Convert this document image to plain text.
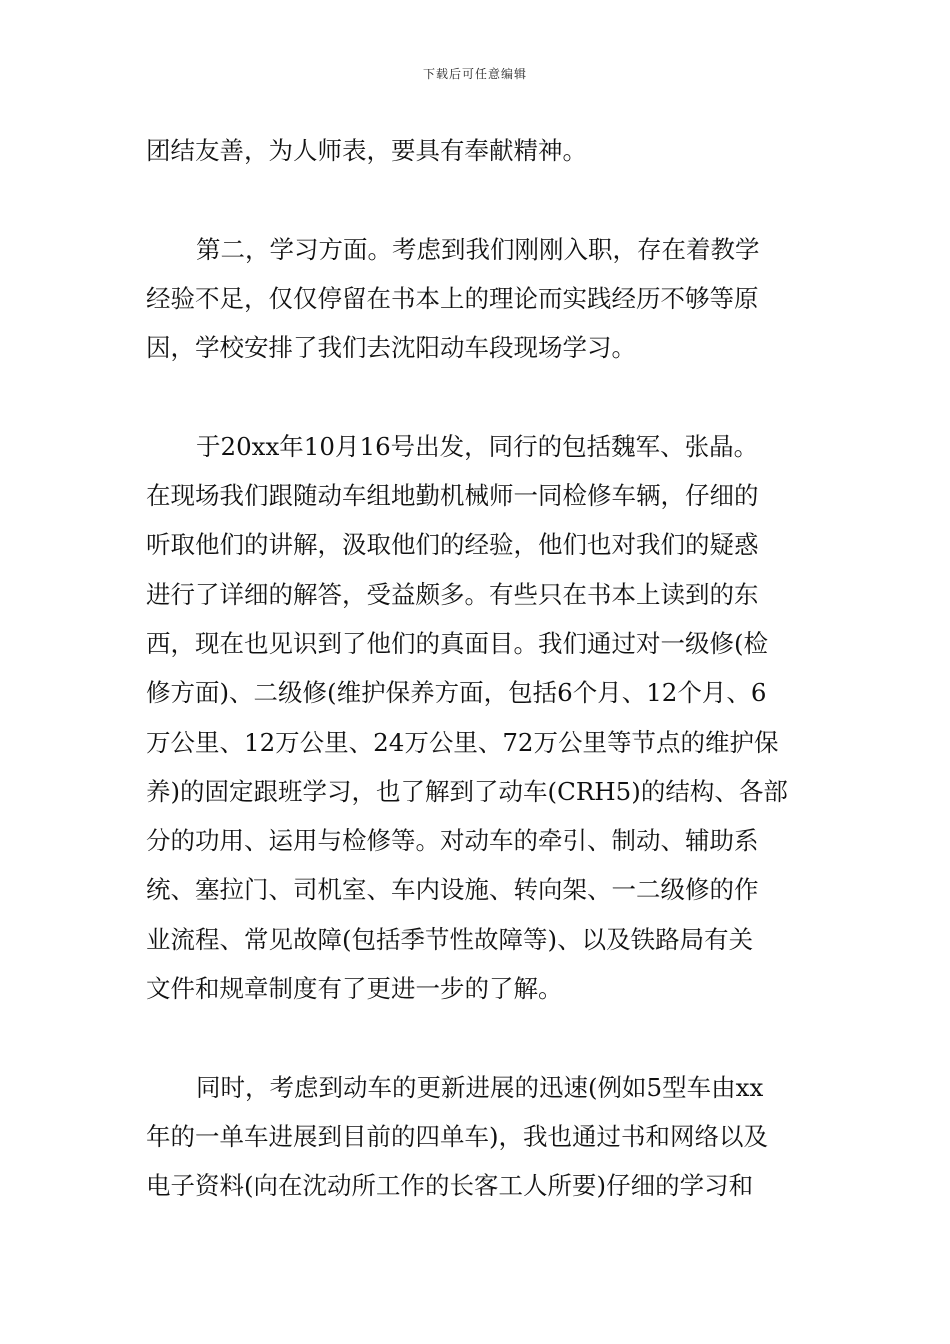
下载后可任意编辑
团结友善，为人师表，要具有奉献精神。
第二，学习方面。考虑到我们刚刚入职，存在着教学
经验不足，仅仅停留在书本上的理论而实践经历不够等原
因，学校安排了我们去沈阳动车段现场学习。
于20xx年10月16号出发，同行的包括魏军、张晶。
在现场我们跟随动车组地勤机械师一同检修车辆，仔细的
听取他们的讲解，汲取他们的经验，他们也对我们的疑惑
进行了详细的解答，受益颇多。有些只在书本上读到的东
西，现在也见识到了他们的真面目。我们通过对一级修(检
修方面)、二级修(维护保养方面，包括6个月、12个月、6
万公里、12万公里、24万公里、72万公里等节点的维护保
养)的固定跟班学习，也了解到了动车(CRH5)的结构、各部
分的功用、运用与检修等。对动车的牵引、制动、辅助系
统、塞拉门、司机室、车内设施、转向架、一二级修的作
业流程、常见故障(包括季节性故障等)、以及铁路局有关
文件和规章制度有了更进一步的了解。
同时，考虑到动车的更新进展的迅速(例如5型车由xx
年的一单车进展到目前的四单车)，我也通过书和网络以及
电子资料(向在沈动所工作的长客工人所要)仔细的学习和
